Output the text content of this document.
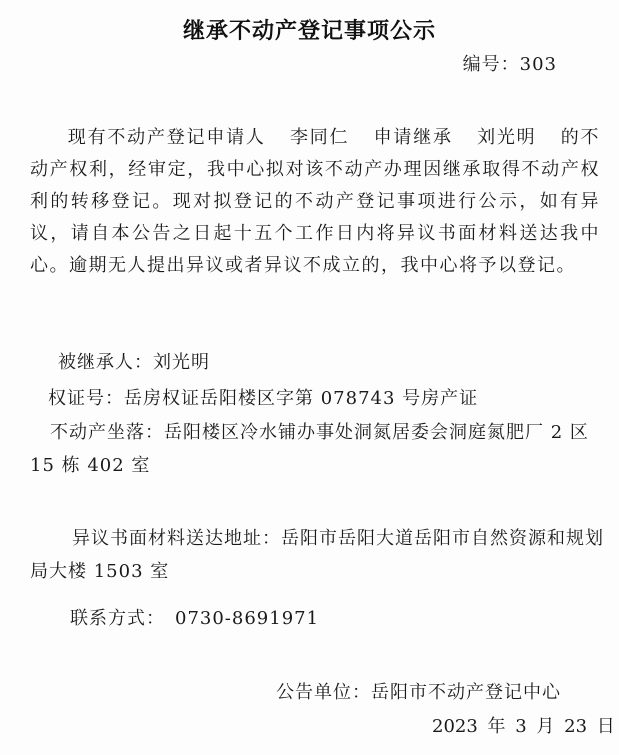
继承不动产登记事项公示
编号：303
现有不动产登记申请人 李同仁 申请继承 刘光明 的不动产权利，经审定，我中心拟对该不动产办理因继承取得不动产权利的转移登记。现对拟登记的不动产登记事项进行公示，如有异议，请自本公告之日起十五个工作日内将异议书面材料送达我中心。逾期无人提出异议或者异议不成立的，我中心将予以登记。
被继承人：刘光明
权证号：岳房权证岳阳楼区字第 078743 号房产证
不动产坐落：岳阳楼区冷水铺办事处洞氮居委会洞庭氮肥厂 2 区 15 栋 402 室
异议书面材料送达地址：岳阳市岳阳大道岳阳市自然资源和规划局大楼 1503 室
联系方式：　0730-8691971
公告单位：岳阳市不动产登记中心
2023 年 3 月 23 日
